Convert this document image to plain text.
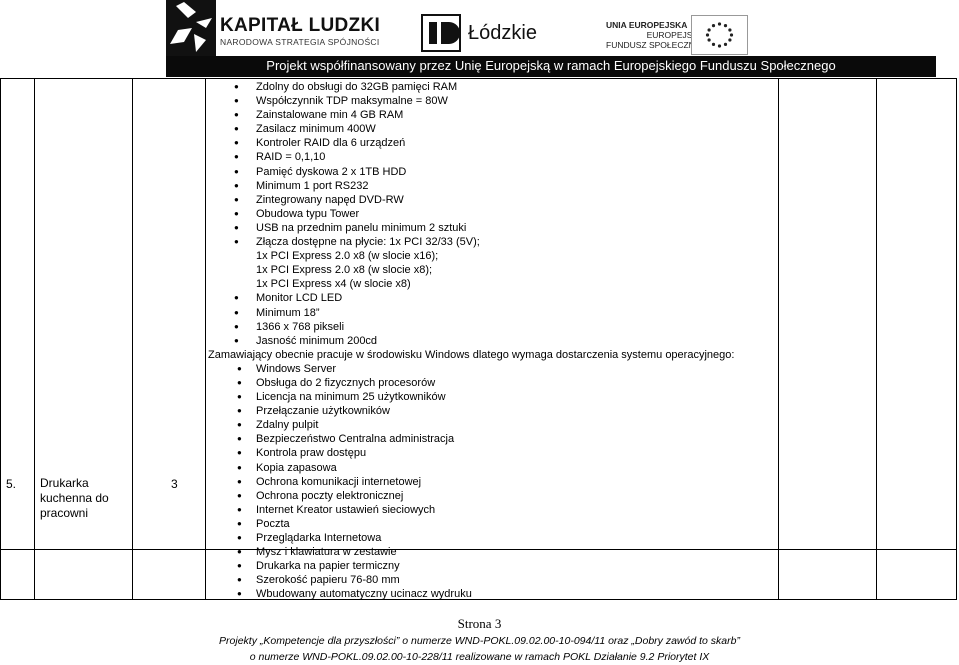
KAPITAŁ LUDZKI
NARODOWA STRATEGIA SPÓJNOŚCI	Łódzkie	UNIA EUROPEJSKA
EUROPEJSKI
FUNDUSZ SPOŁECZNY
Projekt współfinansowany przez Unię Europejską w ramach Europejskiego Funduszu Społecznego
5. Drukarka
kuchenna do
pracowni
3
● Zdolny do obsługi do 32GB pamięci RAM
● Współczynnik TDP maksymalne = 80W
● Zainstalowane min 4 GB RAM
● Zasilacz minimum 400W
● Kontroler RAID dla 6 urządzeń
● RAID = 0,1,10
● Pamięć dyskowa 2 x 1TB HDD
● Minimum 1 port RS232
● Zintegrowany napęd DVD-RW
● Obudowa typu Tower
● USB na przednim panelu minimum 2 sztuki
● Złącza dostępne na płycie: 1x PCI 32/33 (5V);
1x PCI Express 2.0 x8 (w slocie x16);
1x PCI Express 2.0 x8 (w slocie x8);
1x PCI Express x4 (w slocie x8)
● Monitor LCD LED
● Minimum 18”
● 1366 x 768 pikseli
● Jasność minimum 200cd
Zamawiający obecnie pracuje w środowisku Windows dlatego wymaga dostarczenia systemu operacyjnego:
● Windows Server
● Obsługa do 2 fizycznych procesorów
● Licencja na minimum 25 użytkowników
● Przełączanie użytkowników
● Zdalny pulpit
● Bezpieczeństwo Centralna administracja
● Kontrola praw dostępu
● Kopia zapasowa
● Ochrona komunikacji internetowej
● Ochrona poczty elektronicznej
● Internet Kreator ustawień sieciowych
● Poczta
● Przeglądarka Internetowa
● Mysz i klawiatura w zestawie
● Drukarka na papier termiczny
● Szerokość papieru 76-80 mm
● Wbudowany automatyczny ucinacz wydruku
Strona 3
Projekty „Kompetencje dla przyszłości” o numerze WND-POKL.09.02.00-10-094/11 oraz „Dobry zawód to skarb”
o numerze WND-POKL.09.02.00-10-228/11 realizowane w ramach POKL Działanie 9.2 Priorytet IX
